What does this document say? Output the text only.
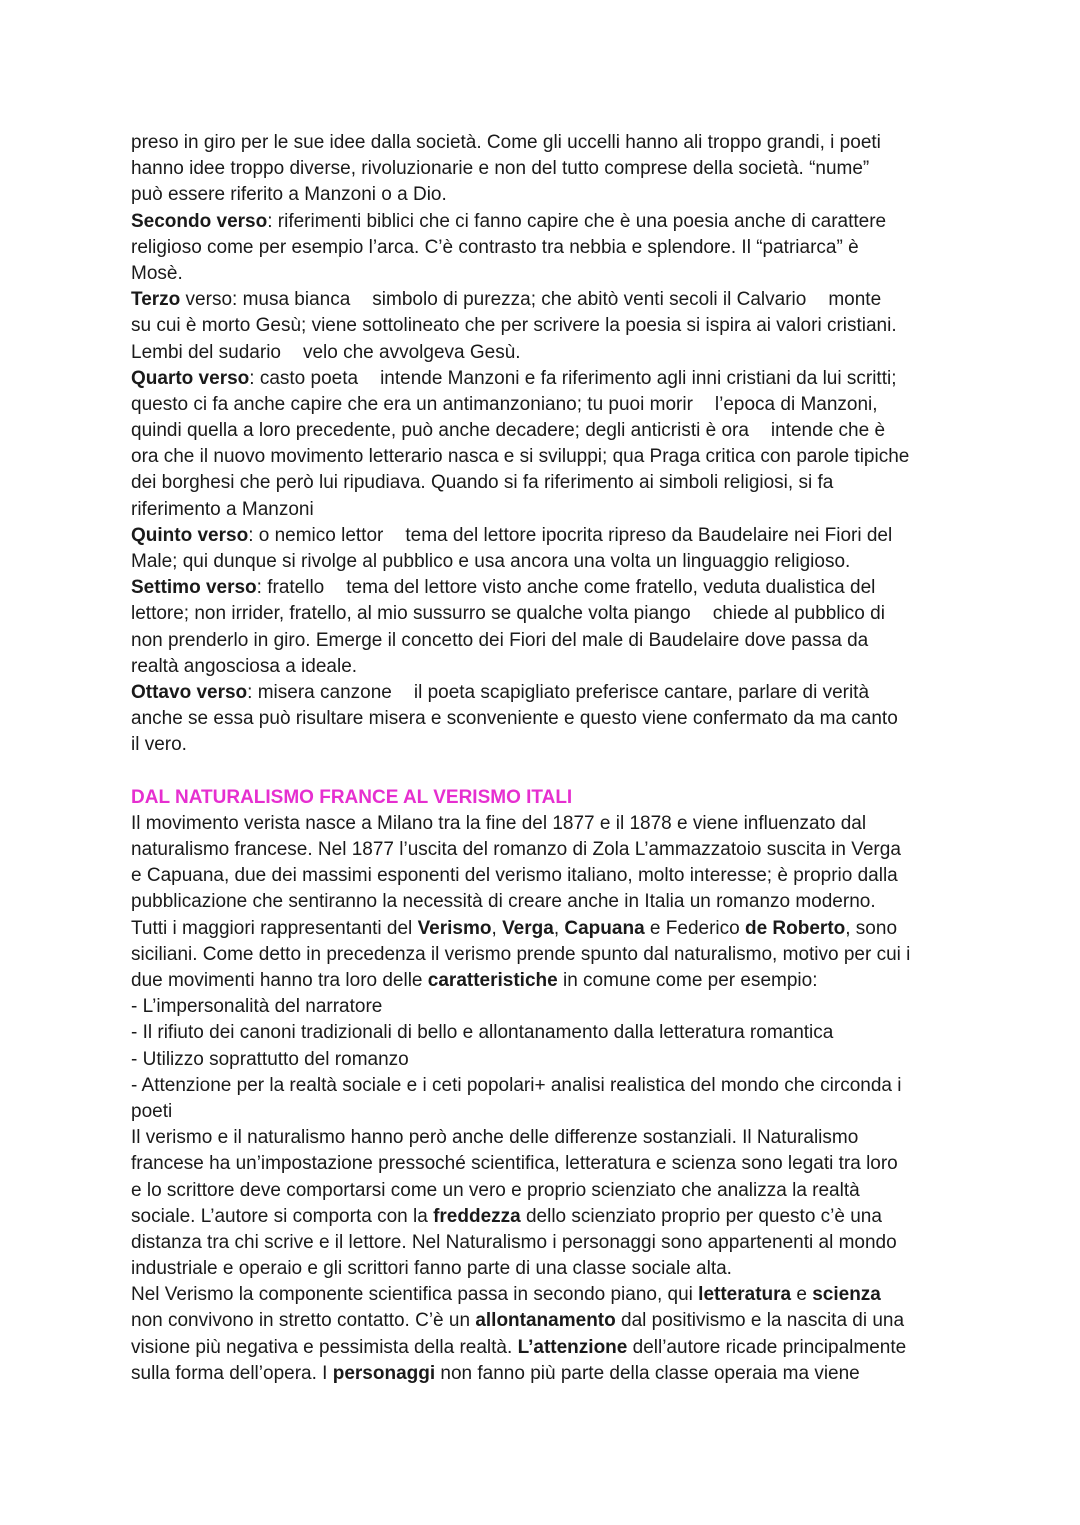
preso in giro per le sue idee dalla società. Come gli uccelli hanno ali troppo grandi, i poeti
hanno idee troppo diverse, rivoluzionarie e non del tutto comprese della società. “nume”
può essere riferito a Manzoni o a Dio.
Secondo verso: riferimenti biblici che ci fanno capire che è una poesia anche di carattere
religioso come per esempio l’arca. C’è contrasto tra nebbia e splendore. Il “patriarca” è
Mosè.
Terzo verso: musa bianca simbolo di purezza; che abitò venti secoli il Calvario monte
su cui è morto Gesù; viene sottolineato che per scrivere la poesia si ispira ai valori cristiani.
Lembi del sudario velo che avvolgeva Gesù.
Quarto verso: casto poeta intende Manzoni e fa riferimento agli inni cristiani da lui scritti;
questo ci fa anche capire che era un antimanzoniano; tu puoi morir l’epoca di Manzoni,
quindi quella a loro precedente, può anche decadere; degli anticristi è ora intende che è
ora che il nuovo movimento letterario nasca e si sviluppi; qua Praga critica con parole tipiche
dei borghesi che però lui ripudiava. Quando si fa riferimento ai simboli religiosi, si fa
riferimento a Manzoni
Quinto verso: o nemico lettor tema del lettore ipocrita ripreso da Baudelaire nei Fiori del
Male; qui dunque si rivolge al pubblico e usa ancora una volta un linguaggio religioso.
Settimo verso: fratello tema del lettore visto anche come fratello, veduta dualistica del
lettore; non irrider, fratello, al mio sussurro se qualche volta piango chiede al pubblico di
non prenderlo in giro. Emerge il concetto dei Fiori del male di Baudelaire dove passa da
realtà angosciosa a ideale.
Ottavo verso: misera canzone il poeta scapigliato preferisce cantare, parlare di verità
anche se essa può risultare misera e sconveniente e questo viene confermato da ma canto
il vero.
DAL NATURALISMO FRANCE AL VERISMO ITALI
Il movimento verista nasce a Milano tra la fine del 1877 e il 1878 e viene influenzato dal
naturalismo francese. Nel 1877 l’uscita del romanzo di Zola L’ammazzatoio suscita in Verga
e Capuana, due dei massimi esponenti del verismo italiano, molto interesse; è proprio dalla
pubblicazione che sentiranno la necessità di creare anche in Italia un romanzo moderno.
Tutti i maggiori rappresentanti del Verismo, Verga, Capuana e Federico de Roberto, sono
siciliani. Come detto in precedenza il verismo prende spunto dal naturalismo, motivo per cui i
due movimenti hanno tra loro delle caratteristiche in comune come per esempio:
- L’impersonalità del narratore
- Il rifiuto dei canoni tradizionali di bello e allontanamento dalla letteratura romantica
- Utilizzo soprattutto del romanzo
- Attenzione per la realtà sociale e i ceti popolari+ analisi realistica del mondo che circonda i
poeti
Il verismo e il naturalismo hanno però anche delle differenze sostanziali. Il Naturalismo
francese ha un’impostazione pressoché scientifica, letteratura e scienza sono legati tra loro
e lo scrittore deve comportarsi come un vero e proprio scienziato che analizza la realtà
sociale. L’autore si comporta con la freddezza dello scienziato proprio per questo c’è una
distanza tra chi scrive e il lettore. Nel Naturalismo i personaggi sono appartenenti al mondo
industriale e operaio e gli scrittori fanno parte di una classe sociale alta.
Nel Verismo la componente scientifica passa in secondo piano, qui letteratura e scienza
non convivono in stretto contatto. C’è un allontanamento dal positivismo e la nascita di una
visione più negativa e pessimista della realtà. L’attenzione dell’autore ricade principalmente
sulla forma dell’opera. I personaggi non fanno più parte della classe operaia ma viene
